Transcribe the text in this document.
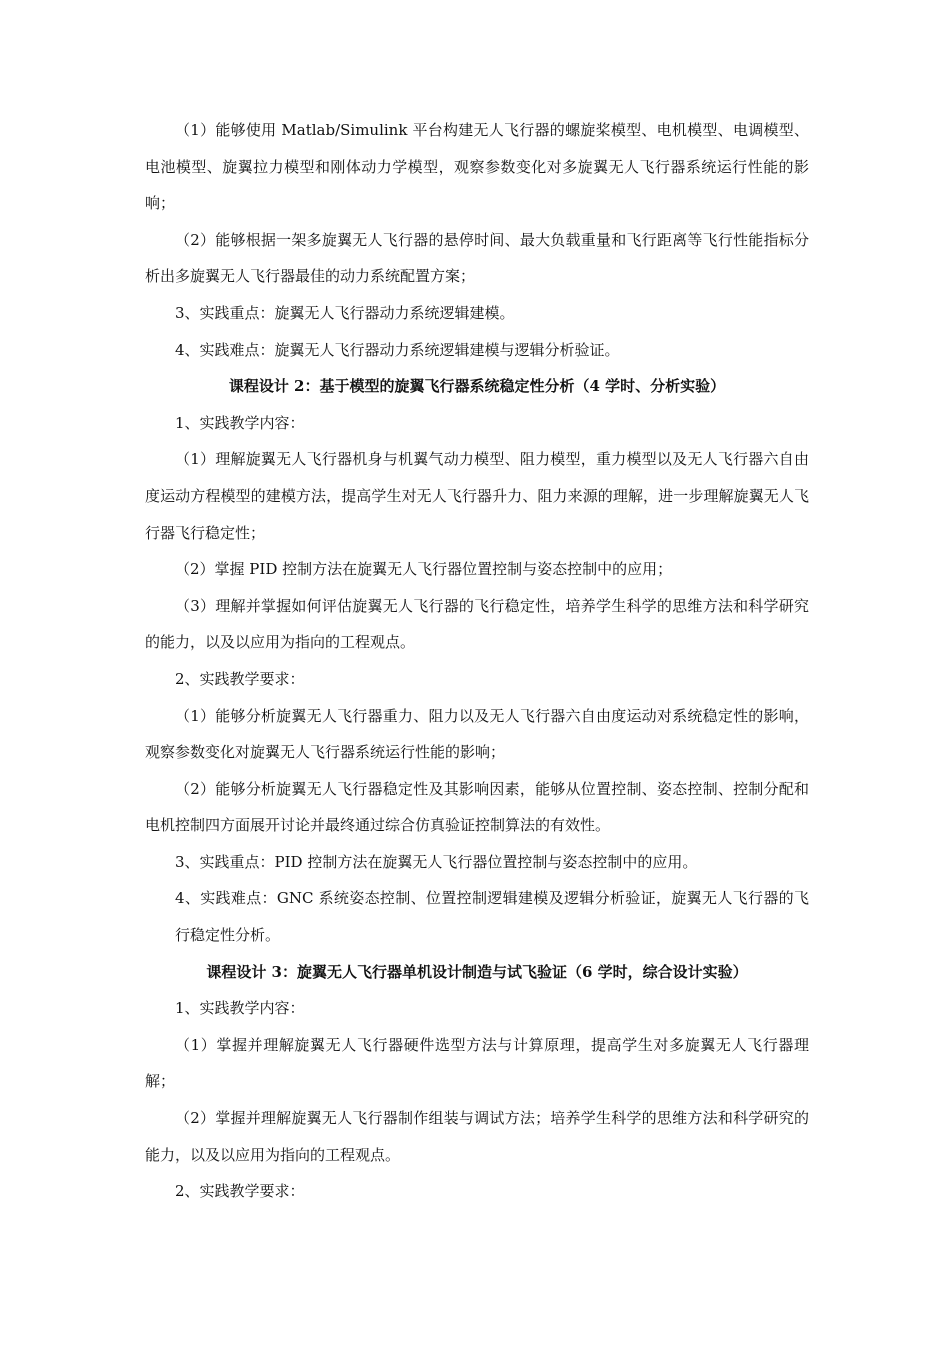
（1）能够使用 Matlab/Simulink 平台构建无人飞行器的螺旋桨模型、电机模型、电调模型、电池模型、旋翼拉力模型和刚体动力学模型，观察参数变化对多旋翼无人飞行器系统运行性能的影响；

（2）能够根据一架多旋翼无人飞行器的悬停时间、最大负载重量和飞行距离等飞行性能指标分析出多旋翼无人飞行器最佳的动力系统配置方案；

3、实践重点：旋翼无人飞行器动力系统逻辑建模。

4、实践难点：旋翼无人飞行器动力系统逻辑建模与逻辑分析验证。

课程设计 2：基于模型的旋翼飞行器系统稳定性分析（4 学时、分析实验）

1、实践教学内容：

（1）理解旋翼无人飞行器机身与机翼气动力模型、阻力模型，重力模型以及无人飞行器六自由度运动方程模型的建模方法，提高学生对无人飞行器升力、阻力来源的理解，进一步理解旋翼无人飞行器飞行稳定性；

（2）掌握 PID 控制方法在旋翼无人飞行器位置控制与姿态控制中的应用；

（3）理解并掌握如何评估旋翼无人飞行器的飞行稳定性，培养学生科学的思维方法和科学研究的能力，以及以应用为指向的工程观点。

2、实践教学要求：

（1）能够分析旋翼无人飞行器重力、阻力以及无人飞行器六自由度运动对系统稳定性的影响，观察参数变化对旋翼无人飞行器系统运行性能的影响；

（2）能够分析旋翼无人飞行器稳定性及其影响因素，能够从位置控制、姿态控制、控制分配和电机控制四方面展开讨论并最终通过综合仿真验证控制算法的有效性。

3、实践重点：PID 控制方法在旋翼无人飞行器位置控制与姿态控制中的应用。

4、实践难点：GNC 系统姿态控制、位置控制逻辑建模及逻辑分析验证，旋翼无人飞行器的飞行稳定性分析。

课程设计 3：旋翼无人飞行器单机设计制造与试飞验证（6 学时，综合设计实验）

1、实践教学内容：

（1）掌握并理解旋翼无人飞行器硬件选型方法与计算原理，提高学生对多旋翼无人飞行器理解；

（2）掌握并理解旋翼无人飞行器制作组装与调试方法；培养学生科学的思维方法和科学研究的能力，以及以应用为指向的工程观点。

2、实践教学要求：
